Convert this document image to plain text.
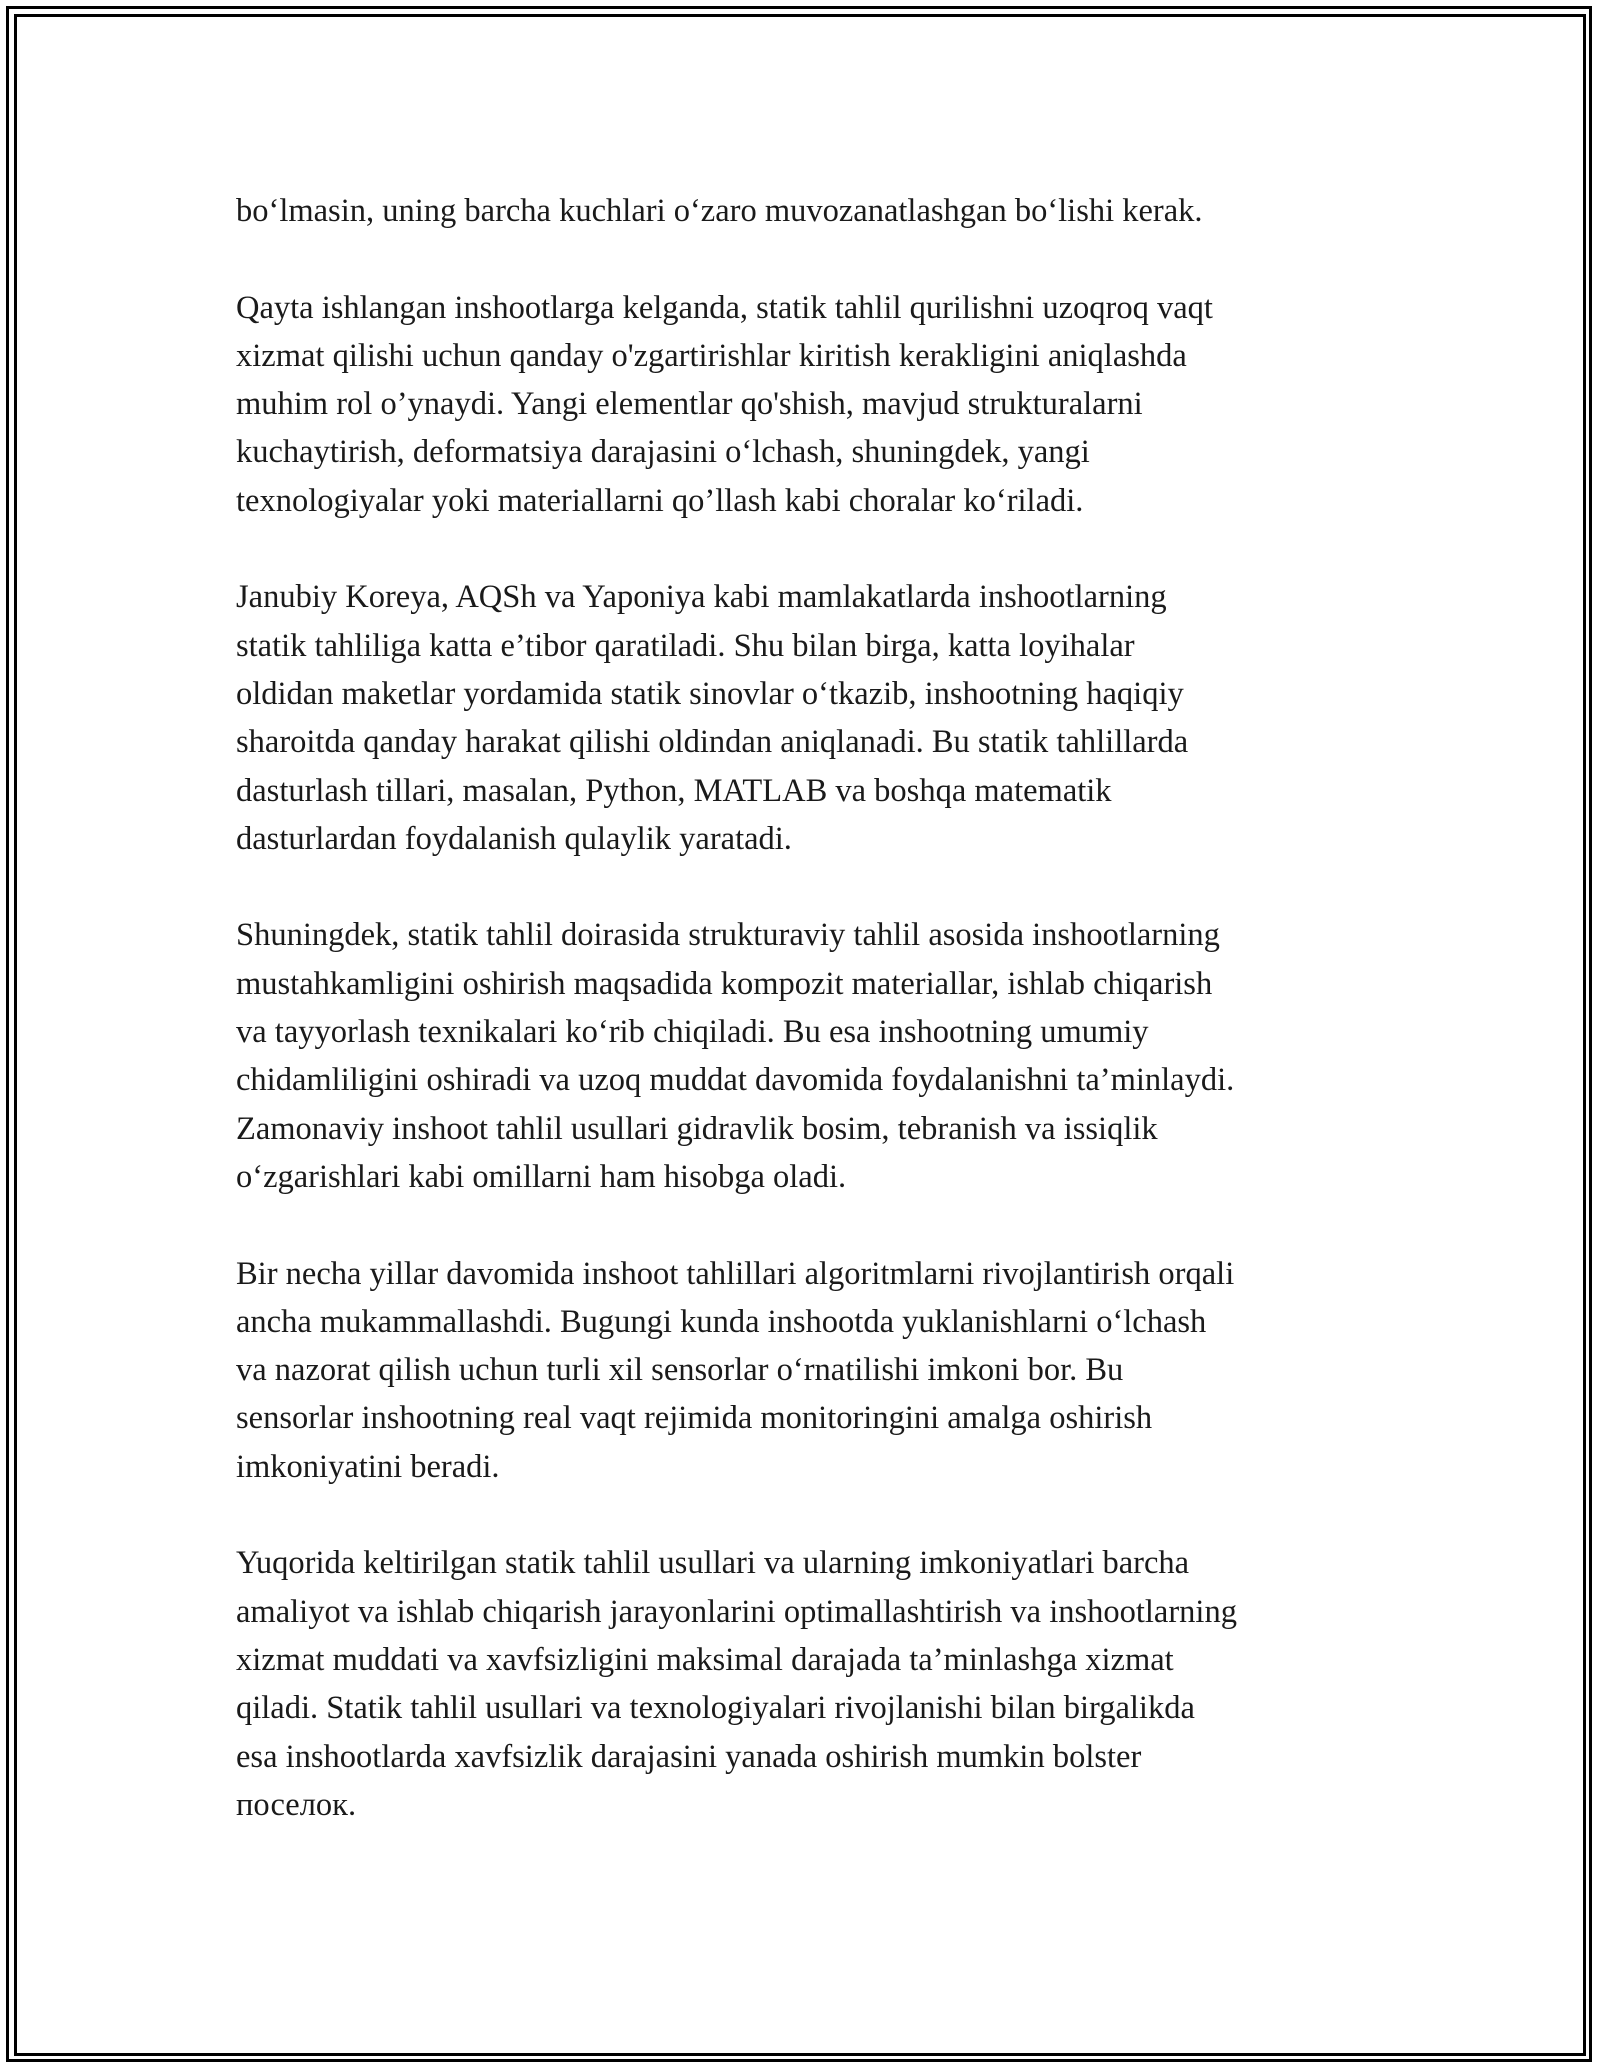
boʻlmasin, uning barcha kuchlari oʻzaro muvozanatlashgan boʻlishi kerak.

Qayta ishlangan inshootlarga kelganda, statik tahlil qurilishni uzoqroq vaqt
xizmat qilishi uchun qanday o'zgartirishlar kiritish kerakligini aniqlashda
muhim rol o’ynaydi. Yangi elementlar qo'shish, mavjud strukturalarni
kuchaytirish, deformatsiya darajasini oʻlchash, shuningdek, yangi
texnologiyalar yoki materiallarni qo’llash kabi choralar koʻriladi.

Janubiy Koreya, AQSh va Yaponiya kabi mamlakatlarda inshootlarning
statik tahliliga katta e’tibor qaratiladi. Shu bilan birga, katta loyihalar
oldidan maketlar yordamida statik sinovlar oʻtkazib, inshootning haqiqiy
sharoitda qanday harakat qilishi oldindan aniqlanadi. Bu statik tahlillarda
dasturlash tillari, masalan, Python, MATLAB va boshqa matematik
dasturlardan foydalanish qulaylik yaratadi.

Shuningdek, statik tahlil doirasida strukturaviy tahlil asosida inshootlarning
mustahkamligini oshirish maqsadida kompozit materiallar, ishlab chiqarish
va tayyorlash texnikalari koʻrib chiqiladi. Bu esa inshootning umumiy
chidamliligini oshiradi va uzoq muddat davomida foydalanishni ta’minlaydi.
Zamonaviy inshoot tahlil usullari gidravlik bosim, tebranish va issiqlik
oʻzgarishlari kabi omillarni ham hisobga oladi.

Bir necha yillar davomida inshoot tahlillari algoritmlarni rivojlantirish orqali
ancha mukammallashdi. Bugungi kunda inshootda yuklanishlarni oʻlchash
va nazorat qilish uchun turli xil sensorlar oʻrnatilishi imkoni bor. Bu
sensorlar inshootning real vaqt rejimida monitoringini amalga oshirish
imkoniyatini beradi.

Yuqorida keltirilgan statik tahlil usullari va ularning imkoniyatlari barcha
amaliyot va ishlab chiqarish jarayonlarini optimallashtirish va inshootlarning
xizmat muddati va xavfsizligini maksimal darajada ta’minlashga xizmat
qiladi. Statik tahlil usullari va texnologiyalari rivojlanishi bilan birgalikda
esa inshootlarda xavfsizlik darajasini yanada oshirish mumkin bolster
поселок.
